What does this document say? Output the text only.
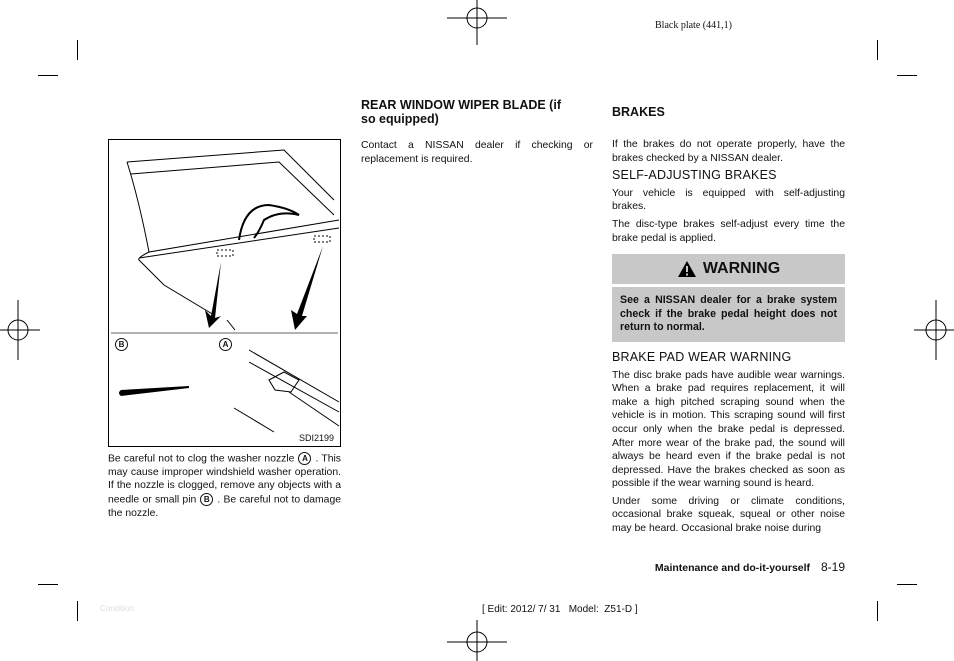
Black plate (441,1)
B	A
SDI2199

Be careful not to clog the washer nozzle A . This may cause improper windshield washer operation. If the nozzle is clogged, remove any objects with a needle or small pin B . Be careful not to damage the nozzle.

REAR WINDOW WIPER BLADE (if so equipped)

Contact a NISSAN dealer if checking or replacement is required.

BRAKES

If the brakes do not operate properly, have the brakes checked by a NISSAN dealer.

SELF-ADJUSTING BRAKES

Your vehicle is equipped with self-adjusting brakes.

The disc-type brakes self-adjust every time the brake pedal is applied.

WARNING
See a NISSAN dealer for a brake system check if the brake pedal height does not return to normal.
BRAKE PAD WEAR WARNING

The disc brake pads have audible wear warnings. When a brake pad requires replacement, it will make a high pitched scraping sound when the vehicle is in motion. This scraping sound will first occur only when the brake pedal is depressed. After more wear of the brake pad, the sound will always be heard even if the brake pedal is not depressed. Have the brakes checked as soon as possible if the wear warning sound is heard.

Under some driving or climate conditions, occasional brake squeak, squeal or other noise may be heard. Occasional brake noise during

Maintenance and do-it-yourself 8-19
Condition:	[ Edit: 2012/ 7/ 31   Model:  Z51-D ]
